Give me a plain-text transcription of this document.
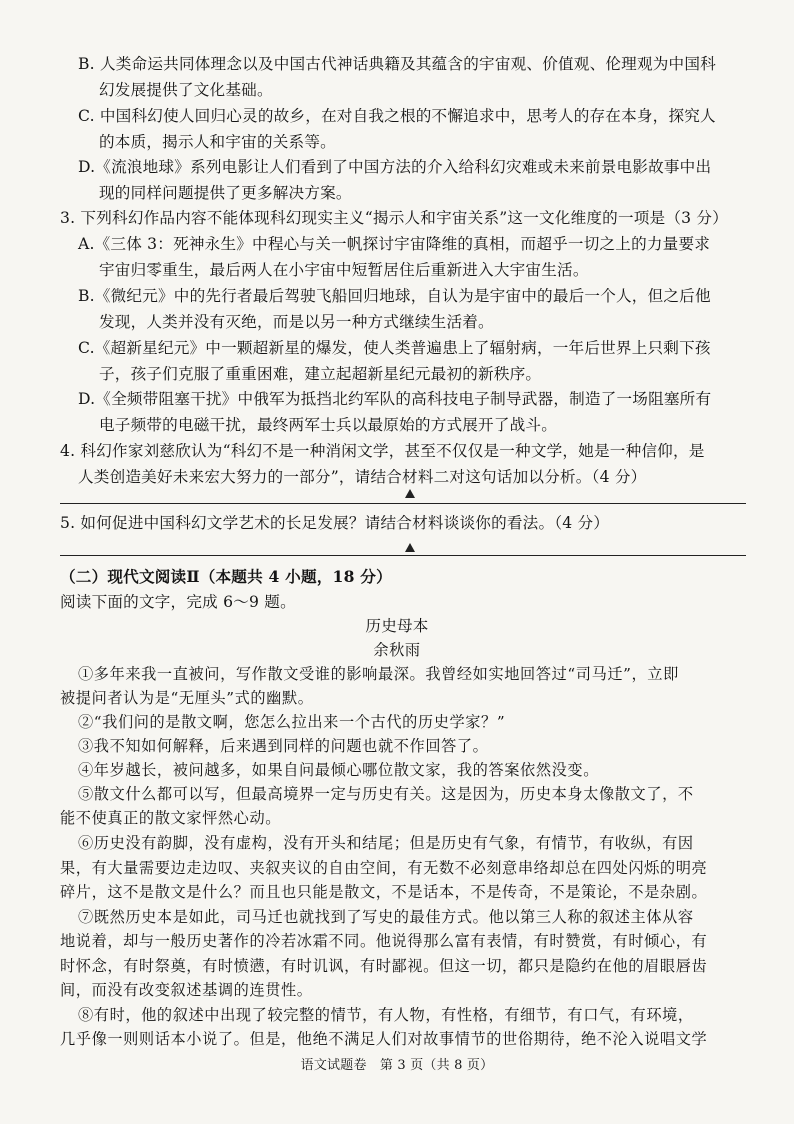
B. 人类命运共同体理念以及中国古代神话典籍及其蕴含的宇宙观、价值观、伦理观为中国科
幻发展提供了文化基础。
C. 中国科幻使人回归心灵的故乡，在对自我之根的不懈追求中，思考人的存在本身，探究人
的本质，揭示人和宇宙的关系等。
D.《流浪地球》系列电影让人们看到了中国方法的介入给科幻灾难或未来前景电影故事中出
现的同样问题提供了更多解决方案。
3. 下列科幻作品内容不能体现科幻现实主义“揭示人和宇宙关系”这一文化维度的一项是（3 分）
A.《三体 3：死神永生》中程心与关一帆探讨宇宙降维的真相，而超乎一切之上的力量要求
宇宙归零重生，最后两人在小宇宙中短暂居住后重新进入大宇宙生活。
B.《微纪元》中的先行者最后驾驶飞船回归地球，自认为是宇宙中的最后一个人，但之后他
发现，人类并没有灭绝，而是以另一种方式继续生活着。
C.《超新星纪元》中一颗超新星的爆发，使人类普遍患上了辐射病，一年后世界上只剩下孩
子，孩子们克服了重重困难，建立起超新星纪元最初的新秩序。
D.《全频带阻塞干扰》中俄军为抵挡北约军队的高科技电子制导武器，制造了一场阻塞所有
电子频带的电磁干扰，最终两军士兵以最原始的方式展开了战斗。
4. 科幻作家刘慈欣认为“科幻不是一种消闲文学，甚至不仅仅是一种文学，她是一种信仰，是
人类创造美好未来宏大努力的一部分”，请结合材料二对这句话加以分析。（4 分）
5. 如何促进中国科幻文学艺术的长足发展？请结合材料谈谈你的看法。（4 分）
（二）现代文阅读Ⅱ（本题共 4 小题，18 分）
阅读下面的文字，完成 6～9 题。
历史母本
余秋雨
①多年来我一直被问，写作散文受谁的影响最深。我曾经如实地回答过“司马迁”，立即
被提问者认为是“无厘头”式的幽默。
②“我们问的是散文啊，您怎么拉出来一个古代的历史学家？”
③我不知如何解释，后来遇到同样的问题也就不作回答了。
④年岁越长，被问越多，如果自问最倾心哪位散文家，我的答案依然没变。
⑤散文什么都可以写，但最高境界一定与历史有关。这是因为，历史本身太像散文了，不
能不使真正的散文家怦然心动。
⑥历史没有韵脚，没有虚构，没有开头和结尾；但是历史有气象，有情节，有收纵，有因
果，有大量需要边走边叹、夹叙夹议的自由空间，有无数不必刻意串络却总在四处闪烁的明亮
碎片，这不是散文是什么？而且也只能是散文，不是话本，不是传奇，不是策论，不是杂剧。
⑦既然历史本是如此，司马迁也就找到了写史的最佳方式。他以第三人称的叙述主体从容
地说着，却与一般历史著作的冷若冰霜不同。他说得那么富有表情，有时赞赏，有时倾心，有
时怀念，有时祭奠，有时愤懑，有时讥讽，有时鄙视。但这一切，都只是隐约在他的眉眼唇齿
间，而没有改变叙述基调的连贯性。
⑧有时，他的叙述中出现了较完整的情节，有人物，有性格，有细节，有口气，有环境，
几乎像一则则话本小说了。但是，他绝不满足人们对故事情节的世俗期待，绝不沦入说唱文学
语文试题卷　第 3 页（共 8 页）
